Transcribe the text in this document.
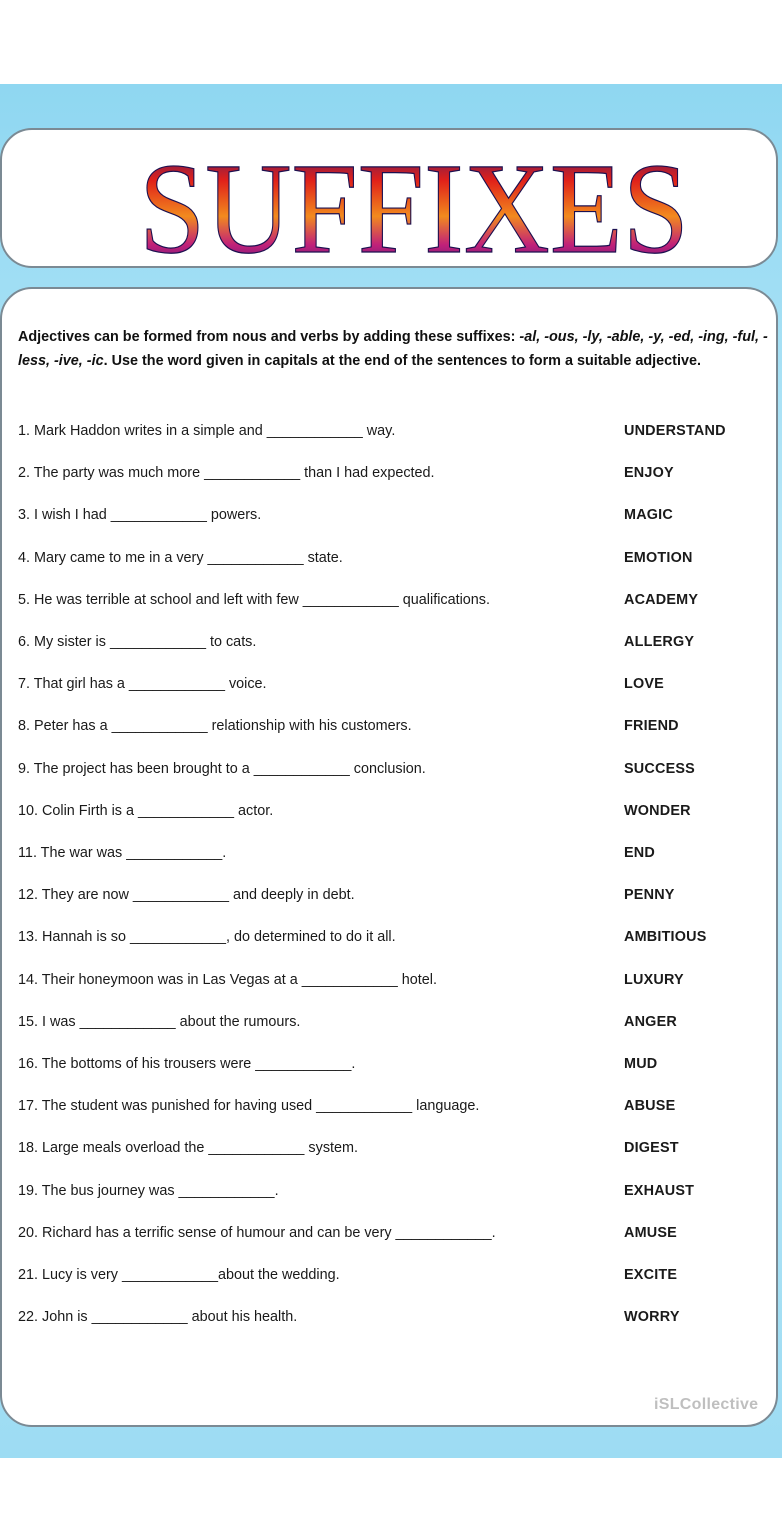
SUFFIXES
Adjectives can be formed from nous and verbs by adding these suffixes: -al, -ous, -ly, -able, -y, -ed, -ing, -ful, -less, -ive, -ic. Use the word given in capitals at the end of the sentences to form a suitable adjective.
1. Mark Haddon writes in a simple and ____________ way.	UNDERSTAND
2. The party was much more ____________ than I had expected.	ENJOY
3. I wish I had ____________ powers.	MAGIC
4. Mary came to me in a very ____________ state.	EMOTION
5. He was terrible at school and left with few ____________ qualifications.	ACADEMY
6. My sister is ____________ to cats.	ALLERGY
7. That girl has a ____________ voice.	LOVE
8. Peter has a ____________ relationship with his customers.	FRIEND
9. The project has been brought to a ____________ conclusion.	SUCCESS
10. Colin Firth is a ____________ actor.	WONDER
11. The war was ____________.	END
12. They are now ____________ and deeply in debt.	PENNY
13. Hannah is so ____________, do determined to do it all.	AMBITIOUS
14. Their honeymoon was in Las Vegas at a ____________ hotel.	LUXURY
15. I was ____________ about the rumours.	ANGER
16. The bottoms of his trousers were ____________.	MUD
17. The student was punished for having used ____________ language.	ABUSE
18. Large meals overload the ____________ system.	DIGEST
19. The bus journey was ____________.	EXHAUST
20. Richard has a terrific sense of humour and can be very ____________.	AMUSE
21. Lucy is very ____________about the wedding.	EXCITE
22. John is ____________ about his health.	WORRY
iSLCollective
